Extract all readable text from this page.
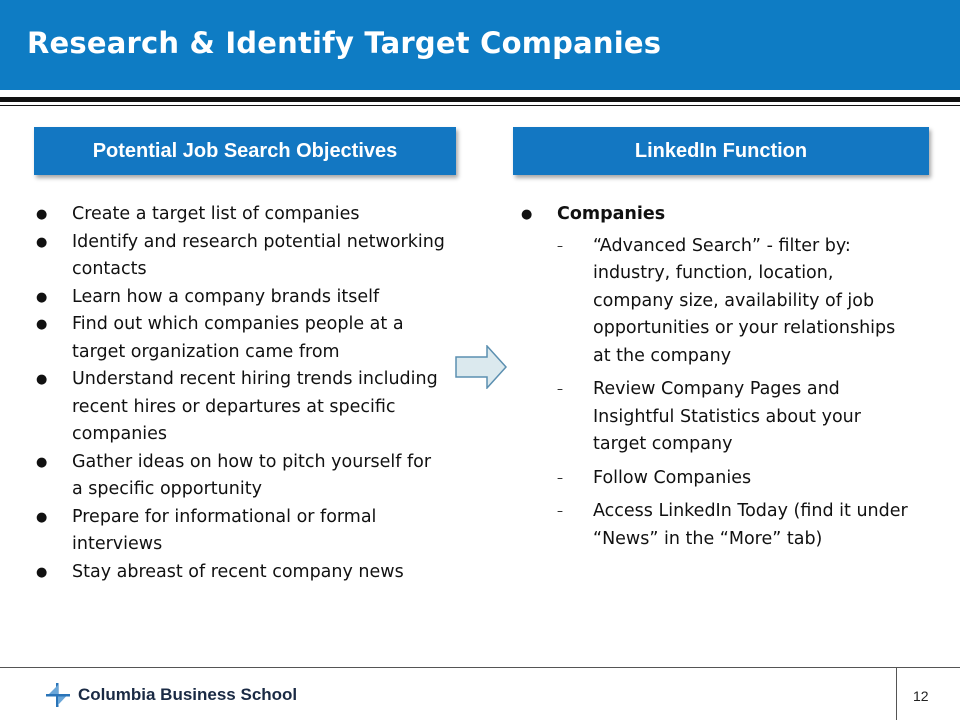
Research & Identify Target Companies
Potential Job Search Objectives	LinkedIn Function
● Create a target list of companies
● Identify and research potential networking contacts
● Learn how a company brands itself
● Find out which companies people at a target organization came from
● Understand recent hiring trends including recent hires or departures at specific companies
● Gather ideas on how to pitch yourself for a specific opportunity
● Prepare for informational or formal interviews
● Stay abreast of recent company news
● Companies
– “Advanced Search” - filter by: industry, function, location, company size, availability of job opportunities or your relationships at the company
– Review Company Pages and Insightful Statistics about your target company
– Follow Companies
– Access LinkedIn Today (find it under “News” in the “More” tab)
Columbia Business School	12
